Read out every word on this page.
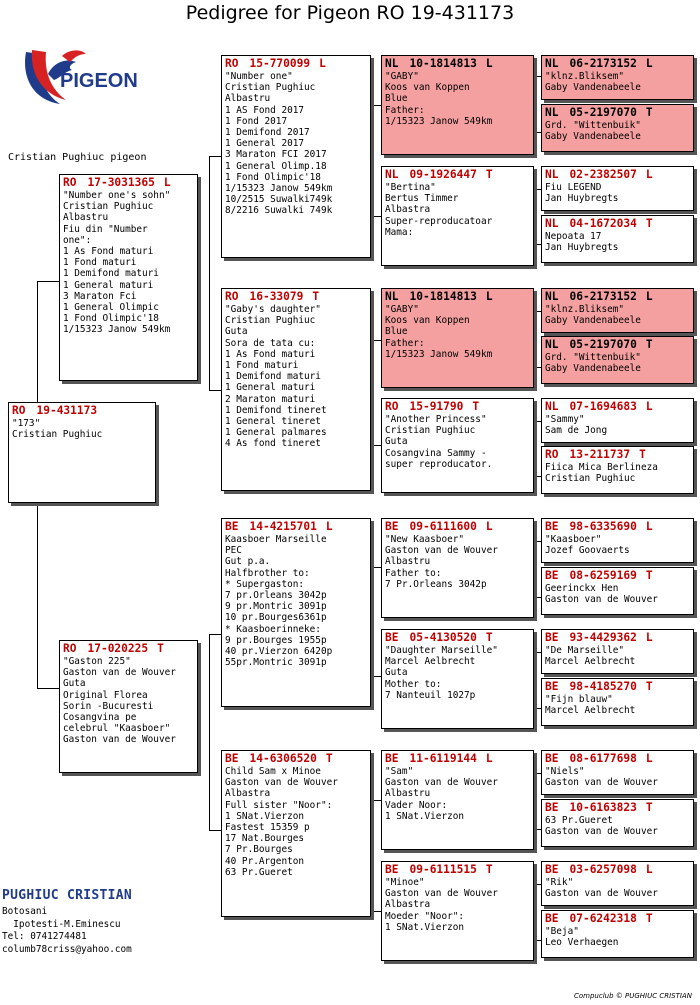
Pedigree for Pigeon RO 19-431173
PIGEON
Cristian Pughiuc pigeon
RO 19-431173
"173"
Cristian Pughiuc
RO 17-3031365 L
"Number one's sohn"
Cristian Pughiuc
Albastru
Fiu din "Number
one":
1 As Fond maturi
1 Fond maturi
1 Demifond maturi
1 General maturi
3 Maraton Fci
1 General Olimpic
1 Fond Olimpic'18
1/15323 Janow 549km
RO 17-020225 T
"Gaston 225"
Gaston van de Wouver
Guta
Original Florea
Sorin -Bucuresti
Cosangvina pe
celebrul "Kaasboer"
Gaston van de Wouver
RO 15-770099 L
"Number one"
Cristian Pughiuc
Albastru
1 AS Fond 2017
1 Fond 2017
1 Demifond 2017
1 General 2017
3 Maraton FCI 2017
1 General Olimp.18
1 Fond Olimpic'18
1/15323 Janow 549km
10/2515 Suwalki749k
8/2216 Suwalki 749k
RO 16-33079 T
"Gaby's daughter"
Cristian Pughiuc
Guta
Sora de tata cu:
1 As Fond maturi
1 Fond maturi
1 Demifond maturi
1 General maturi
2 Maraton maturi
1 Demifond tineret
1 General tineret
1 General palmares
4 As fond tineret
BE 14-4215701 L
Kaasboer Marseille
PEC
Gut p.a.
Halfbrother to:
* Supergaston:
7 pr.Orleans 3042p
9 pr.Montric 3091p
10 pr.Bourges6361p
* Kaasboerinneke:
9 pr.Bourges 1955p
40 pr.Vierzon 6420p
55pr.Montric 3091p
BE 14-6306520 T
Child Sam x Minoe
Gaston van de Wouver
Albastra
Full sister "Noor":
1 SNat.Vierzon
Fastest 15359 p
17 Nat.Bourges
7 Pr.Bourges
40 Pr.Argenton
63 Pr.Gueret
NL 10-1814813 L
"GABY"
Koos van Koppen
Blue
Father:
1/15323 Janow 549km
NL 09-1926447 T
"Bertina"
Bertus Timmer
Albastra
Super-reproducatoar
Mama:
NL 10-1814813 L
"GABY"
Koos van Koppen
Blue
Father:
1/15323 Janow 549km
RO 15-91790 T
"Another Princess"
Cristian Pughiuc
Guta
Cosangvina Sammy -
super reproducator.
BE 09-6111600 L
"New Kaasboer"
Gaston van de Wouver
Albastru
Father to:
7 Pr.Orleans 3042p
BE 05-4130520 T
"Daughter Marseille"
Marcel Aelbrecht
Guta
Mother to:
7 Nanteuil 1027p
BE 11-6119144 L
"Sam"
Gaston van de Wouver
Albastru
Vader Noor:
1 SNat.Vierzon
BE 09-6111515 T
"Minoe"
Gaston van de Wouver
Albastra
Moeder "Noor":
1 SNat.Vierzon
NL 06-2173152 L
"klnz.Bliksem"
Gaby Vandenabeele
NL 05-2197070 T
Grd. "Wittenbuik"
Gaby Vandenabeele
NL 02-2382507 L
Fiu LEGEND
Jan Huybregts
NL 04-1672034 T
Nepoata 17
Jan Huybregts
NL 06-2173152 L
"klnz.Bliksem"
Gaby Vandenabeele
NL 05-2197070 T
Grd. "Wittenbuik"
Gaby Vandenabeele
NL 07-1694683 L
"Sammy"
Sam de Jong
RO 13-211737 T
Fiica Mica Berlineza
Cristian Pughiuc
BE 98-6335690 L
"Kaasboer"
Jozef Goovaerts
BE 08-6259169 T
Geerinckx Hen
Gaston van de Wouver
BE 93-4429362 L
"De Marseille"
Marcel Aelbrecht
BE 98-4185270 T
"Fijn blauw"
Marcel Aelbrecht
BE 08-6177698 L
"Niels"
Gaston van de Wouver
BE 10-6163823 T
63 Pr.Gueret
Gaston van de Wouver
BE 03-6257098 L
"Rik"
Gaston van de Wouver
BE 07-6242318 T
"Beja"
Leo Verhaegen
PUGHIUC CRISTIAN
Botosani
Ipotesti-M.Eminescu
Tel: 0741274481
columb78criss@yahoo.com
Compuclub © PUGHIUC CRISTIAN
